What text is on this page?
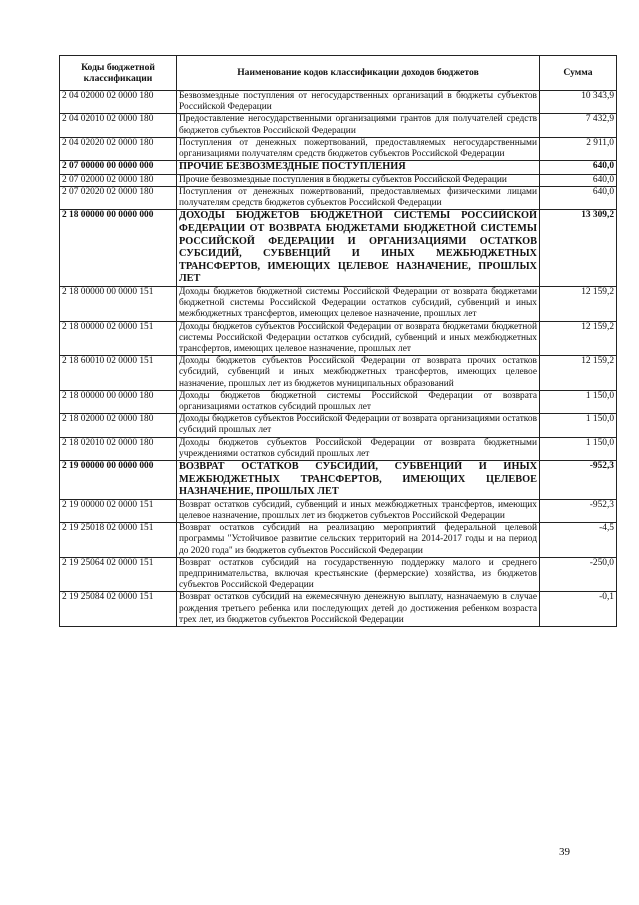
Коды бюджетной классификации	Наименование кодов классификации доходов бюджетов	Сумма
2 04 02000 02 0000 180	Безвозмездные поступления от негосударственных организаций в бюджеты субъектов Российской Федерации	10 343,9
2 04 02010 02 0000 180	Предоставление негосударственными организациями грантов для получателей средств бюджетов субъектов Российской Федерации	7 432,9
2 04 02020 02 0000 180	Поступления от денежных пожертвований, предоставляемых негосударственными организациями получателям средств бюджетов субъектов Российской Федерации	2 911,0
2 07 00000 00 0000 000	ПРОЧИЕ БЕЗВОЗМЕЗДНЫЕ ПОСТУПЛЕНИЯ	640,0
2 07 02000 02 0000 180	Прочие безвозмездные поступления в бюджеты субъектов Российской Федерации	640,0
2 07 02020 02 0000 180	Поступления от денежных пожертвований, предоставляемых физическими лицами получателям средств бюджетов субъектов Российской Федерации	640,0
2 18 00000 00 0000 000	ДОХОДЫ БЮДЖЕТОВ БЮДЖЕТНОЙ СИСТЕМЫ РОССИЙСКОЙ ФЕДЕРАЦИИ ОТ ВОЗВРАТА БЮДЖЕТАМИ БЮДЖЕТНОЙ СИСТЕМЫ РОССИЙСКОЙ ФЕДЕРАЦИИ И ОРГАНИЗАЦИЯМИ ОСТАТКОВ СУБСИДИЙ, СУБВЕНЦИЙ И ИНЫХ МЕЖБЮДЖЕТНЫХ ТРАНСФЕРТОВ, ИМЕЮЩИХ ЦЕЛЕВОЕ НАЗНАЧЕНИЕ, ПРОШЛЫХ ЛЕТ	13 309,2
2 18 00000 00 0000 151	Доходы бюджетов бюджетной системы Российской Федерации от возврата бюджетами бюджетной системы Российской Федерации остатков субсидий, субвенций и иных межбюджетных трансфертов, имеющих целевое назначение, прошлых лет	12 159,2
2 18 00000 02 0000 151	Доходы бюджетов субъектов Российской Федерации от возврата бюджетами бюджетной системы Российской Федерации остатков субсидий, субвенций и иных межбюджетных трансфертов, имеющих целевое назначение, прошлых лет	12 159,2
2 18 60010 02 0000 151	Доходы бюджетов субъектов Российской Федерации от возврата прочих остатков субсидий, субвенций и иных межбюджетных трансфертов, имеющих целевое назначение, прошлых лет из бюджетов муниципальных образований	12 159,2
2 18 00000 00 0000 180	Доходы бюджетов бюджетной системы Российской Федерации от возврата организациями остатков субсидий прошлых лет	1 150,0
2 18 02000 02 0000 180	Доходы бюджетов субъектов Российской Федерации от возврата организациями остатков субсидий прошлых лет	1 150,0
2 18 02010 02 0000 180	Доходы бюджетов субъектов Российской Федерации от возврата бюджетными учреждениями остатков субсидий прошлых лет	1 150,0
2 19 00000 00 0000 000	ВОЗВРАТ ОСТАТКОВ СУБСИДИЙ, СУБВЕНЦИЙ И ИНЫХ МЕЖБЮДЖЕТНЫХ ТРАНСФЕРТОВ, ИМЕЮЩИХ ЦЕЛЕВОЕ НАЗНАЧЕНИЕ, ПРОШЛЫХ ЛЕТ	-952,3
2 19 00000 02 0000 151	Возврат остатков субсидий, субвенций и иных межбюджетных трансфертов, имеющих целевое назначение, прошлых лет из бюджетов субъектов Российской Федерации	-952,3
2 19 25018 02 0000 151	Возврат остатков субсидий на реализацию мероприятий федеральной целевой программы "Устойчивое развитие сельских территорий на 2014-2017 годы и на период до 2020 года" из бюджетов субъектов Российской Федерации	-4,5
2 19 25064 02 0000 151	Возврат остатков субсидий на государственную поддержку малого и среднего предпринимательства, включая крестьянские (фермерские) хозяйства, из бюджетов субъектов Российской Федерации	-250,0
2 19 25084 02 0000 151	Возврат остатков субсидий на ежемесячную денежную выплату, назначаемую в случае рождения третьего ребенка или последующих детей до достижения ребенком возраста трех лет, из бюджетов субъектов Российской Федерации	-0,1
39
